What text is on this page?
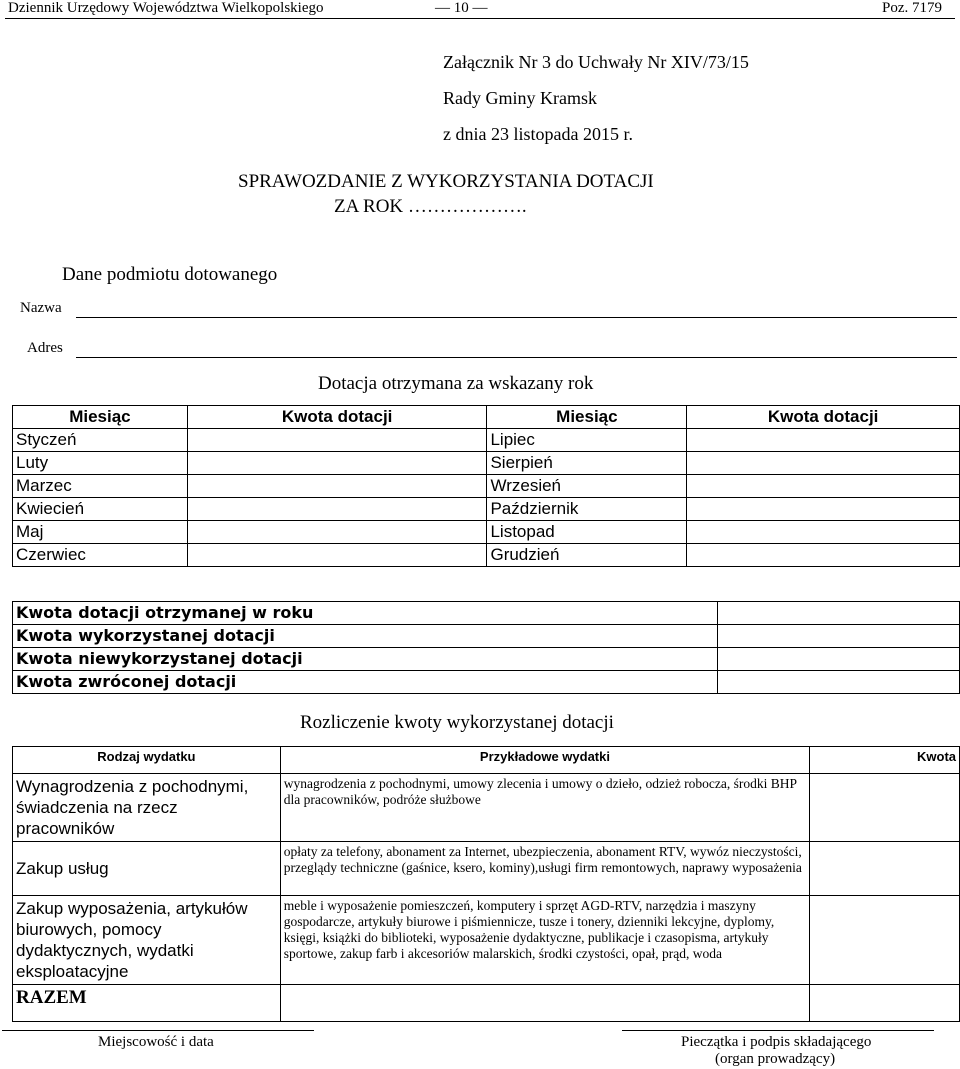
Dziennik Urzędowy Województwa Wielkopolskiego	— 10 —	Poz. 7179
Załącznik Nr 3 do Uchwały Nr XIV/73/15
Rady Gminy Kramsk
z dnia 23 listopada 2015 r.
SPRAWOZDANIE Z WYKORZYSTANIA DOTACJI
ZA ROK ……………….
Dane podmiotu dotowanego
Nazwa
Adres
Dotacja otrzymana za wskazany rok
Miesiąc	Kwota dotacji	Miesiąc	Kwota dotacji
Styczeń		Lipiec	
Luty		Sierpień	
Marzec		Wrzesień	
Kwiecień		Październik	
Maj		Listopad	
Czerwiec		Grudzień	
Kwota dotacji otrzymanej w roku	
Kwota wykorzystanej dotacji	
Kwota niewykorzystanej dotacji	
Kwota zwróconej dotacji	
Rozliczenie kwoty wykorzystanej dotacji
Rodzaj wydatku	Przykładowe wydatki	Kwota
Wynagrodzenia z pochodnymi, świadczenia na rzecz pracowników	wynagrodzenia z pochodnymi, umowy zlecenia i umowy o dzieło, odzież robocza, środki BHP dla pracowników, podróże służbowe	
Zakup usług	opłaty za telefony, abonament za Internet, ubezpieczenia, abonament RTV, wywóz nieczystości, przeglądy techniczne (gaśnice, ksero, kominy),usługi firm remontowych, naprawy wyposażenia	
Zakup wyposażenia, artykułów biurowych, pomocy dydaktycznych, wydatki eksploatacyjne	meble i wyposażenie pomieszczeń, komputery i sprzęt AGD-RTV, narzędzia i maszyny gospodarcze, artykuły biurowe i piśmiennicze, tusze i tonery, dzienniki lekcyjne, dyplomy, księgi, książki do biblioteki, wyposażenie dydaktyczne, publikacje i czasopisma, artykuły sportowe, zakup farb i akcesoriów malarskich, środki czystości, opał, prąd, woda	
RAZEM		
Miejscowość i data	Pieczątka i podpis składającego
(organ prowadzący)
